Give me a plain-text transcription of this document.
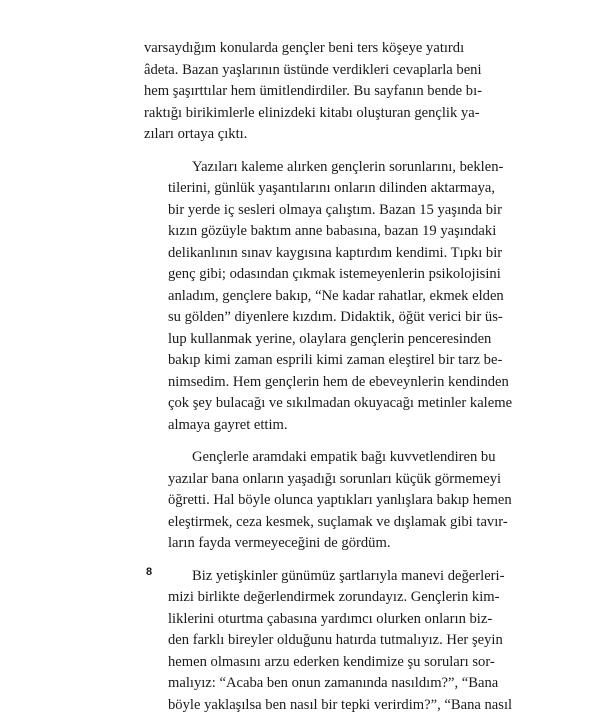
varsaydığım konularda gençler beni ters köşeye yatırdı
âdeta. Bazan yaşlarının üstünde verdikleri cevaplarla beni
hem şaşırttılar hem ümitlendirdiler. Bu sayfanın bende bı-
raktığı birikimlerle elinizdeki kitabı oluşturan gençlik ya-
zıları ortaya çıktı.

Yazıları kaleme alırken gençlerin sorunlarını, beklen-
tilerini, günlük yaşantılarını onların dilinden aktarmaya,
bir yerde iç sesleri olmaya çalıştım. Bazan 15 yaşında bir
kızın gözüyle baktım anne babasına, bazan 19 yaşındaki
delikanlının sınav kaygısına kaptırdım kendimi. Tıpkı bir
genç gibi; odasından çıkmak istemeyenlerin psikolojisini
anladım, gençlere bakıp, “Ne kadar rahatlar, ekmek elden
su gölden” diyenlere kızdım. Didaktik, öğüt verici bir üs-
lup kullanmak yerine, olaylara gençlerin penceresinden
bakıp kimi zaman esprili kimi zaman eleştirel bir tarz be-
nimsedim. Hem gençlerin hem de ebeveynlerin kendinden
çok şey bulacağı ve sıkılmadan okuyacağı metinler kaleme
almaya gayret ettim.

Gençlerle aramdaki empatik bağı kuvvetlendiren bu
yazılar bana onların yaşadığı sorunları küçük görmemeyi
öğretti. Hal böyle olunca yaptıkları yanlışlara bakıp hemen
eleştirmek, ceza kesmek, suçlamak ve dışlamak gibi tavır-
ların fayda vermeyeceğini de gördüm.

Biz yetişkinler günümüz şartlarıyla manevi değerleri-
mizi birlikte değerlendirmek zorundayız. Gençlerin kim-
liklerini oturtma çabasına yardımcı olurken onların biz-
den farklı bireyler olduğunu hatırda tutmalıyız. Her şeyin
hemen olmasını arzu ederken kendimize şu soruları sor-
malıyız: “Acaba ben onun zamanında nasıldım?”, “Bana
böyle yaklaşılsa ben nasıl bir tepki verirdim?”, “Bana nasıl

8
